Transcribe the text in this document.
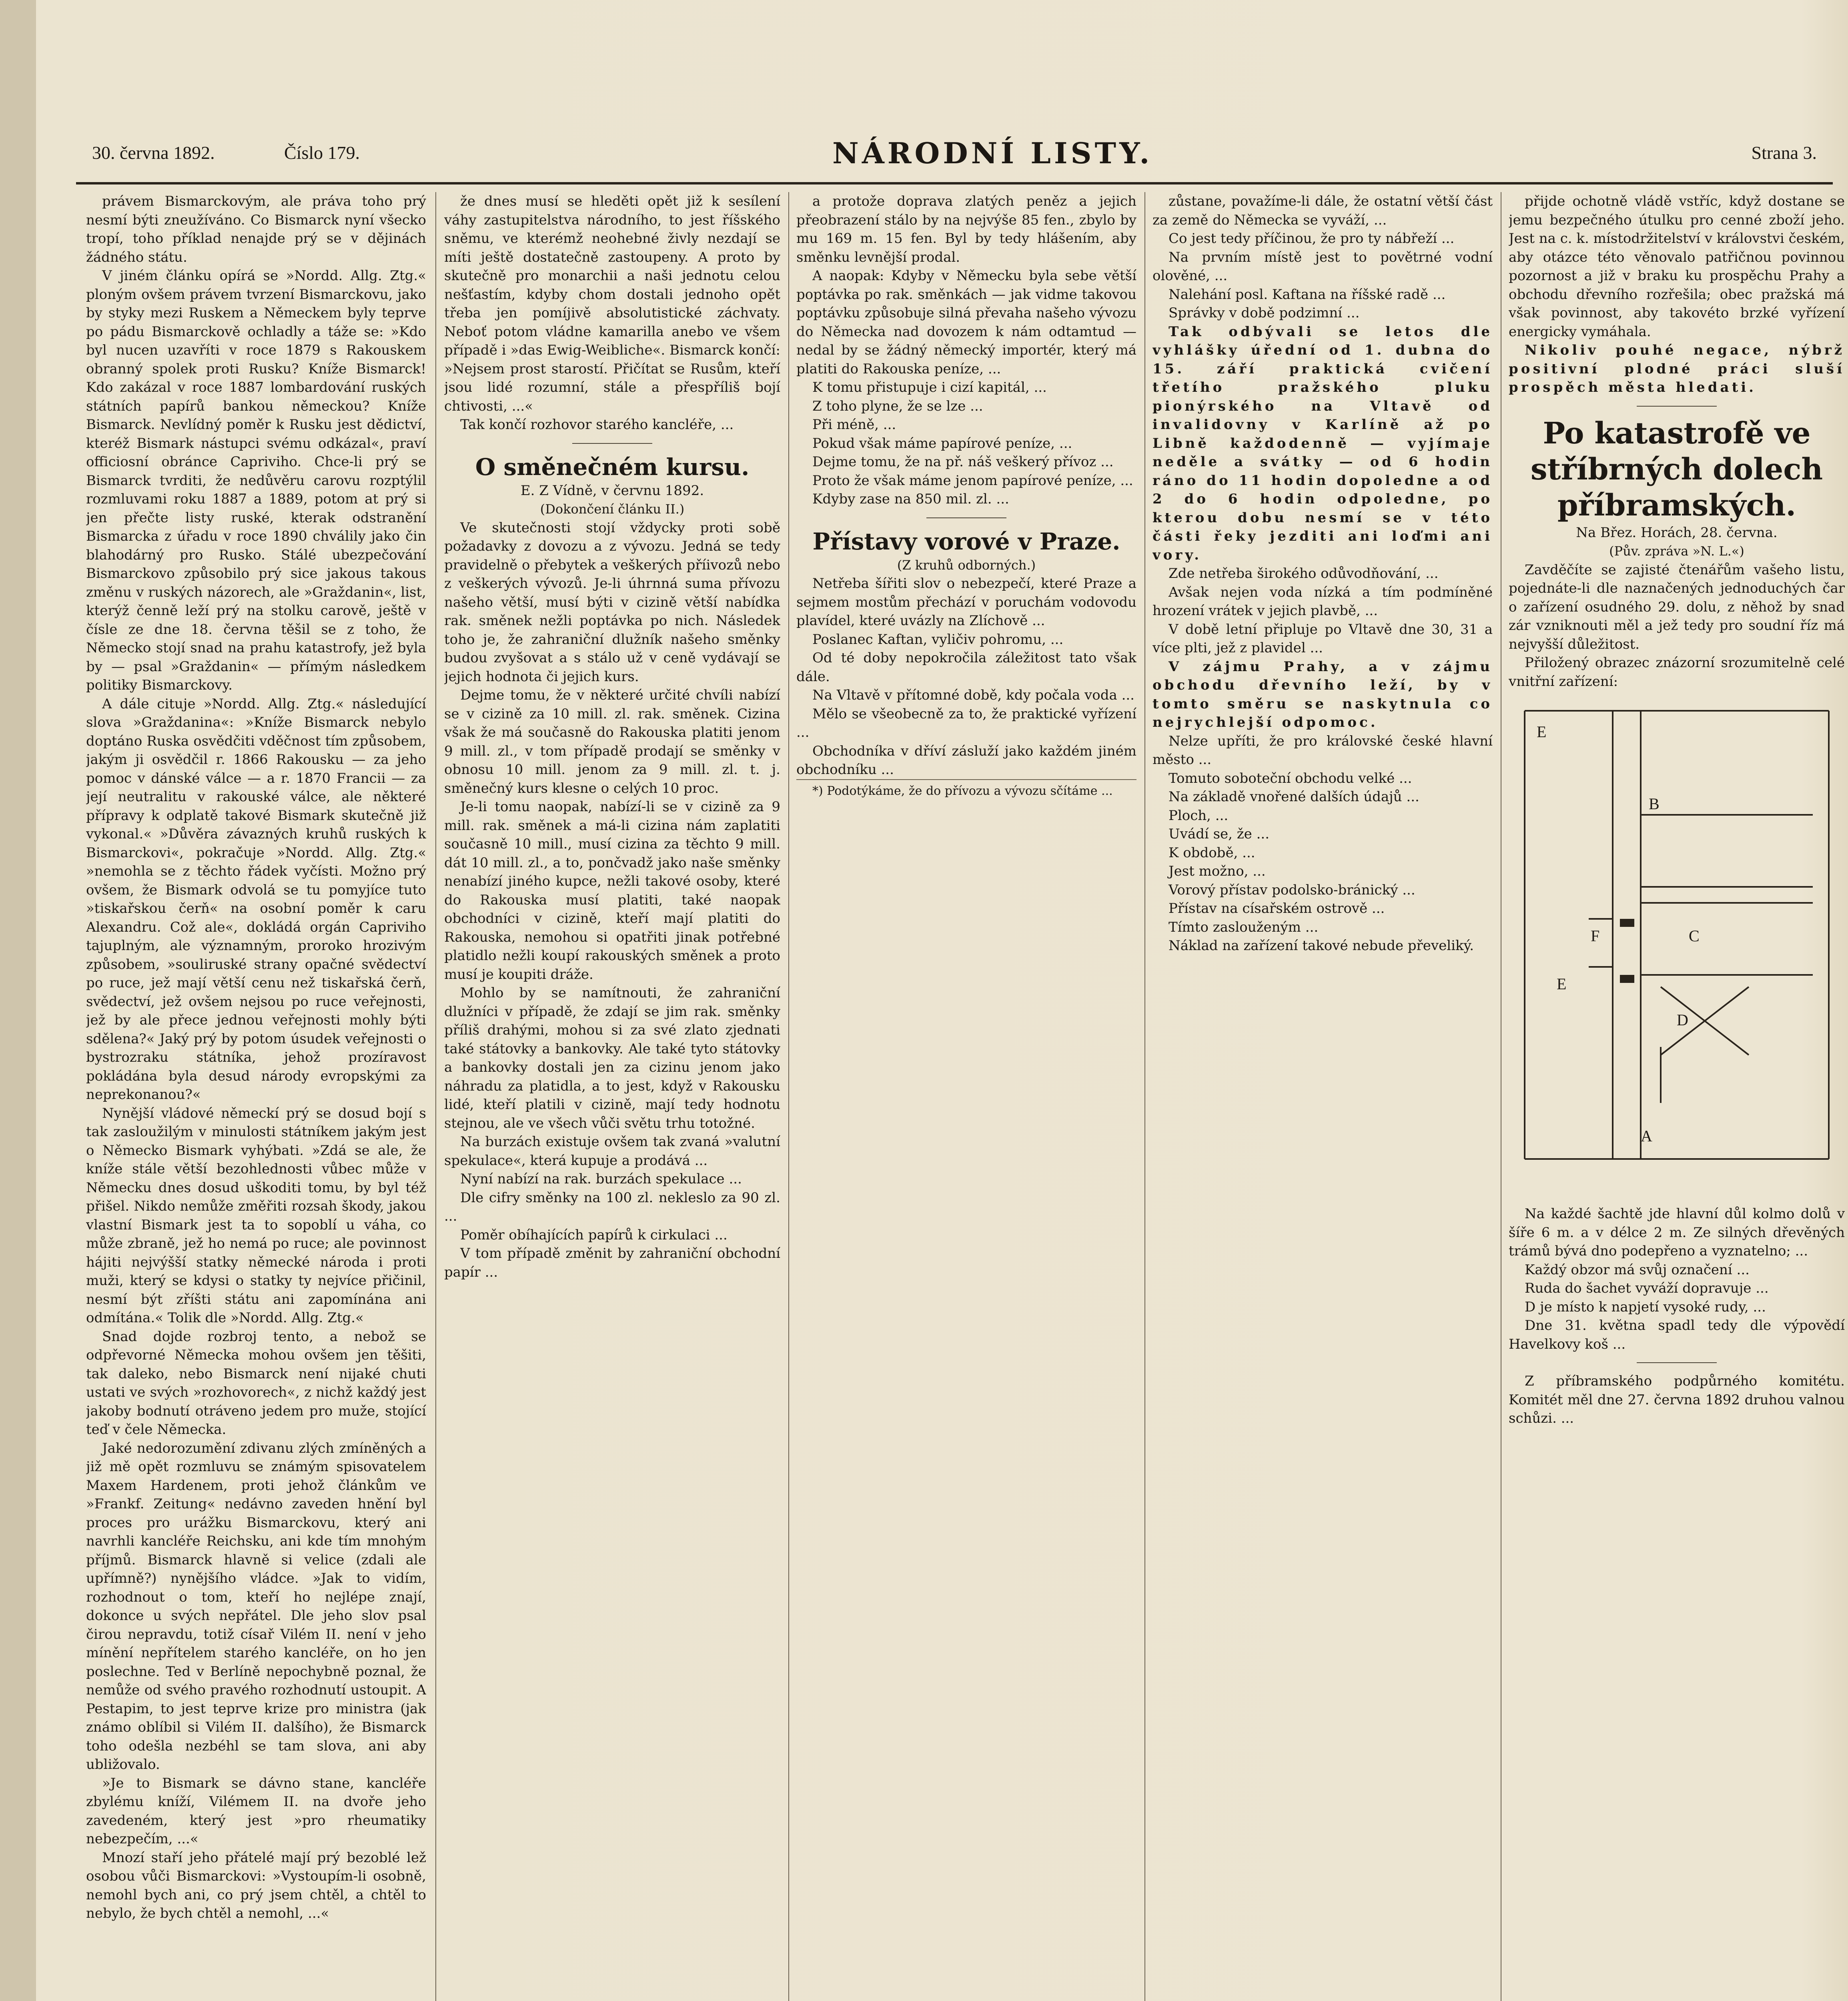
30. června 1892.	Číslo 179.	NÁRODNÍ LISTY.	Strana 3.

právem Bismarckovým, ale práva toho prý nesmí býti zneužíváno. Co Bismarck nyní všecko tropí, toho příklad nenajde prý se v dějinách žádného státu.

V jiném článku opírá se »Nordd. Allg. Ztg.« ploným ovšem právem tvrzení Bismarckovu, jako by styky mezi Ruskem a Německem byly teprve po pádu Bismarckově ochladly a táže se: »Kdo byl nucen uzavříti v roce 1879 s Rakouskem obranný spolek proti Rusku? Kníže Bismarck! Kdo zakázal v roce 1887 lombardování ruských státních papírů bankou německou? Kníže Bismarck. Nevlídný poměr k Rusku jest dědictví, kteréž Bismark nástupci svému odkázal«, praví officiosní obránce Capriviho. Chce-li prý se Bismarck tvrditi, že nedůvěru carovu rozptýlil rozmluvami roku 1887 a 1889, potom at prý si jen přečte listy ruské, kterak odstranění Bismarcka z úřadu v roce 1890 chválily jako čin blahodárný pro Rusko. Stálé ubezpečování Bismarckovo způsobilo prý sice jakous takous změnu v ruských názorech, ale »Graždanin«, list, kterýž čenně leží prý na stolku carově, ještě v čísle ze dne 18. června těšil se z toho, že Německo stojí snad na prahu katastrofy, jež byla by — psal »Graždanin« — přímým následkem politiky Bismarckovy.

A dále cituje »Nordd. Allg. Ztg.« následující slova »Graždanina«: »Kníže Bismarck nebylo doptáno Ruska osvědčiti vděčnost tím způsobem, jakým ji osvědčil r. 1866 Rakousku — za jeho pomoc v dánské válce — a r. 1870 Francii — za její neutralitu v rakouské válce, ale některé přípravy k odplatě takové Bismark skutečně již vykonal.« »Důvěra závazných kruhů ruských k Bismarckovi«, pokračuje »Nordd. Allg. Ztg.« »nemohla se z těchto řádek vyčísti. Možno prý ovšem, že Bismark odvolá se tu pomyjíce tuto »tiskařskou čerň« na osobní poměr k caru Alexandru. Což ale«, dokládá orgán Capriviho tajuplným, ale významným, proroko hrozivým způsobem, »souliruské strany opačné svědectví po ruce, jež mají větší cenu než tiskařská čerň, svědectví, jež ovšem nejsou po ruce veřejnosti, jež by ale přece jednou veřejnosti mohly býti sdělena?« Jaký prý by potom úsudek veřejnosti o bystrozraku státníka, jehož prozíravost pokládána byla desud národy evropskými za neprekonanou?«

Nynější vládové německí prý se dosud bojí s tak zasloužilým v minulosti státníkem jakým jest o Německo Bismark vyhýbati. »Zdá se ale, že kníže stále větší bezohlednosti vůbec může v Německu dnes dosud uškoditi tomu, by byl též přišel. Nikdo nemůže změřiti rozsah škody, jakou vlastní Bismark jest ta to sopoblí u váha, co může zbraně, jež ho nemá po ruce; ale povinnost hájiti nejvýšší statky německé národa i proti muži, který se kdysi o statky ty nejvíce přičinil, nesmí být zříšti státu ani zapomínána ani odmítána.« Tolik dle »Nordd. Allg. Ztg.«

Snad dojde rozbroj tento, a nebož se odpřevorné Německa mohou ovšem jen těšiti, tak daleko, nebo Bismarck není nijaké chuti ustati ve svých »rozhovorech«, z nichž každý jest jakoby bodnutí otráveno jedem pro muže, stojící teď v čele Německa.

Jaké nedorozumění zdivanu zlých zmíněných a již mě opět rozmluvu se známým spisovatelem Maxem Hardenem, proti jehož článkům ve »Frankf. Zeitung« nedávno zaveden hnění byl proces pro urážku Bismarckovu, který ani navrhli kancléře Reichsku, ani kde tím mnohým příjmů. Bismarck hlavně si velice (zdali ale upřímně?) nynějšího vládce. »Jak to vidím, rozhodnout o tom, kteří ho nejlépe znají, dokonce u svých nepřátel. Dle jeho slov psal čirou nepravdu, totiž císař Vilém II. není v jeho mínění nepřítelem starého kancléře, on ho jen poslechne. Ted v Berlíně nepochybně poznal, že nemůže od svého pravého rozhodnutí ustoupit. A Pestapim, to jest teprve krize pro ministra (jak známo oblíbil si Vilém II. dalšího), že Bismarck toho odešla nezbéhl se tam slova, ani aby ubližovalo.

»Je to Bismark se dávno stane, kancléře zbylému kníží, Vilémem II. na dvoře jeho zavedeném, který jest »pro rheumatiky nebezpečím, ...«

Mnozí staří jeho přátelé mají prý bezoblé lež osobou vůči Bismarckovi: »Vystoupím-li osobně, nemohl bych ani, co prý jsem chtěl, a chtěl to nebylo, že bych chtěl a nemohl, ...«

že dnes musí se hleděti opět již k sesílení váhy zastupitelstva národního, to jest říšského sněmu, ve kterémž neohebné živly nezdají se míti ještě dostatečně zastoupeny. A proto by skutečně pro monarchii a naši jednotu celou nešťastím, kdyby chom dostali jednoho opět třeba jen pomíjivě absolutistické záchvaty. Neboť potom vládne kamarilla anebo ve všem případě i »das Ewig-Weibliche«. Bismarck končí: »Nejsem prost starostí. Přičítat se Rusům, kteří jsou lidé rozumní, stále a přespříliš bojí chtivosti, ...«

Tak končí rozhovor starého kancléře, ...

O směnečném kursu.

E. Z Vídně, v červnu 1892.

(Dokončení článku II.)

Ve skutečnosti stojí vždycky proti sobě požadavky z dovozu a z vývozu. Jedná se tedy pravidelně o přebytek a veškerých příivozů nebo z veškerých vývozů. Je-li úhrnná suma přívozu našeho větší, musí býti v cizině větší nabídka rak. směnek nežli poptávka po nich. Následek toho je, že zahraniční dlužník našeho směnky budou zvyšovat a s stálo už v ceně vydávají se jejich hodnota či jejich kurs.

Dejme tomu, že v některé určité chvíli nabízí se v cizině za 10 mill. zl. rak. směnek. Cizina však že má současně do Rakouska platiti jenom 9 mill. zl., v tom případě prodají se směnky v obnosu 10 mill. jenom za 9 mill. zl. t. j. směnečný kurs klesne o celých 10 proc.

Je-li tomu naopak, nabízí-li se v cizině za 9 mill. rak. směnek a má-li cizina nám zaplatiti současně 10 mill., musí cizina za těchto 9 mill. dát 10 mill. zl., a to, pončvadž jako naše směnky nenabízí jiného kupce, nežli takové osoby, které do Rakouska musí platiti, také naopak obchodníci v cizině, kteří mají platiti do Rakouska, nemohou si opatřiti jinak potřebné platidlo nežli koupí rakouských směnek a proto musí je koupiti dráže.

Mohlo by se namítnouti, že zahraniční dlužníci v případě, že zdají se jim rak. směnky příliš drahými, mohou si za své zlato zjednati také státovky a bankovky. Ale také tyto státovky a bankovky dostali jen za cizinu jenom jako náhradu za platidla, a to jest, když v Rakousku lidé, kteří platili v cizině, mají tedy hodnotu stejnou, ale ve všech vůči světu trhu totožné.

Na burzách existuje ovšem tak zvaná »valutní spekulace«, která kupuje a prodává ...

Nyní nabízí na rak. burzách spekulace ...

Dle cifry směnky na 100 zl. nekleslo za 90 zl. ...

Poměr obíhajících papírů k cirkulaci ...

V tom případě změnit by zahraniční obchodní papír ...

a protože doprava zlatých peněz a jejich přeobrazení stálo by na nejvýše 85 fen., zbylo by mu 169 m. 15 fen. Byl by tedy hlášením, aby směnku levnější prodal.

A naopak: Kdyby v Německu byla sebe větší poptávka po rak. směnkách — jak vidme takovou poptávku způsobuje silná převaha našeho vývozu do Německa nad dovozem k nám odtamtud — nedal by se žádný německý importér, který má platiti do Rakouska peníze, ...

K tomu přistupuje i cizí kapitál, ...

Z toho plyne, že se lze ...

Při méně, ...

Pokud však máme papírové peníze, ...

Dejme tomu, že na př. náš veškerý přívoz ...

Proto že však máme jenom papírové peníze, ...

Kdyby zase na 850 mil. zl. ...

Přístavy vorové v Praze.

(Z kruhů odborných.)

Netřeba šířiti slov o nebezpečí, které Praze a sejmem mostům přechází v poruchám vodovodu plavídel, které uvázly na Zlíchově ...

Poslanec Kaftan, vyličiv pohromu, ...

Od té doby nepokročila záležitost tato však dále.

Na Vltavě v přítomné době, kdy počala voda ...

Mělo se všeobecně za to, že praktické vyřízení ...

Obchodníka v dříví zásluží jako každém jiném obchodníku ...

*) Podotýkáme, že do přívozu a vývozu sčítáme ...

zůstane, považíme-li dále, že ostatní větší část za země do Německa se vyváží, ...

Co jest tedy příčinou, že pro ty nábřeží ...

Na prvním místě jest to povětrné vodní olověné, ...

Nalehání posl. Kaftana na říšské radě ...

Správky v době podzimní ...

Tak odbývali se letos dle vyhlášky úřední od 1. dubna do 15. září praktická cvičení třetího pražského pluku pionýrského na Vltavě od invalidovny v Karlíně až po Libně každodenně — vyjímaje neděle a svátky — od 6 hodin ráno do 11 hodin dopoledne a od 2 do 6 hodin odpoledne, po kterou dobu nesmí se v této části řeky jezditi ani loďmi ani vory.

Zde netřeba širokého odůvodňování, ...

Avšak nejen voda nízká a tím podmíněné hrození vrátek v jejich plavbě, ...

V době letní připluje po Vltavě dne 30, 31 a více plti, jež z plavidel ...

V zájmu Prahy, a v zájmu obchodu dřevního leží, by v tomto směru se naskytnula co nejrychlejší odpomoc.

Nelze upříti, že pro královské české hlavní město ...

Tomuto soboteční obchodu velké ...

Na základě vnořené dalších údajů ...

Ploch, ...

Uvádí se, že ...

K obdobě, ...

Jest možno, ...

Vorový přístav podolsko-bránický ...

Přístav na císařském ostrově ...

Tímto zaslouženým ...

Náklad na zařízení takové nebude převeliký.

přijde ochotně vládě vstříc, když dostane se jemu bezpečného útulku pro cenné zboží jeho. Jest na c. k. místodržitelství v královstvi českém, aby otázce této věnovalo patřičnou povinnou pozornost a již v braku ku prospěchu Prahy a obchodu dřevního rozřešila; obec pražská má však povinnost, aby takovéto brzké vyřízení energicky vymáhala.

Nikoliv pouhé negace, nýbrž positivní plodné práci sluší prospěch města hledati.

Po katastrofě ve stříbrných dolech příbramských.

Na Břez. Horách, 28. června.

(Pův. zpráva »N. L.«)

Zavděčíte se zajisté čtenářům vašeho listu, pojednáte-li dle naznačených jednoduchých čar o zařízení osudného 29. dolu, z něhož by snad zár vzniknouti měl a jež tedy pro soudní říz má nejvyšší důležitost.

Přiložený obrazec znázorní srozumitelně celé vnitřní zařízení:

E
B
F	C
E
D
A

Na každé šachtě jde hlavní důl kolmo dolů v šíře 6 m. a v délce 2 m. Ze silných dřevěných trámů bývá dno podepřeno a vyznatelno; ...

Každý obzor má svůj označení ...

Ruda do šachet vyváží dopravuje ...

D je místo k napjetí vysoké rudy, ...

Dne 31. května spadl tedy dle výpovědí Havelkovy koš ...

Z příbramského podpůrného komitétu. Komitét měl dne 27. června 1892 druhou valnou schůzi. ...
